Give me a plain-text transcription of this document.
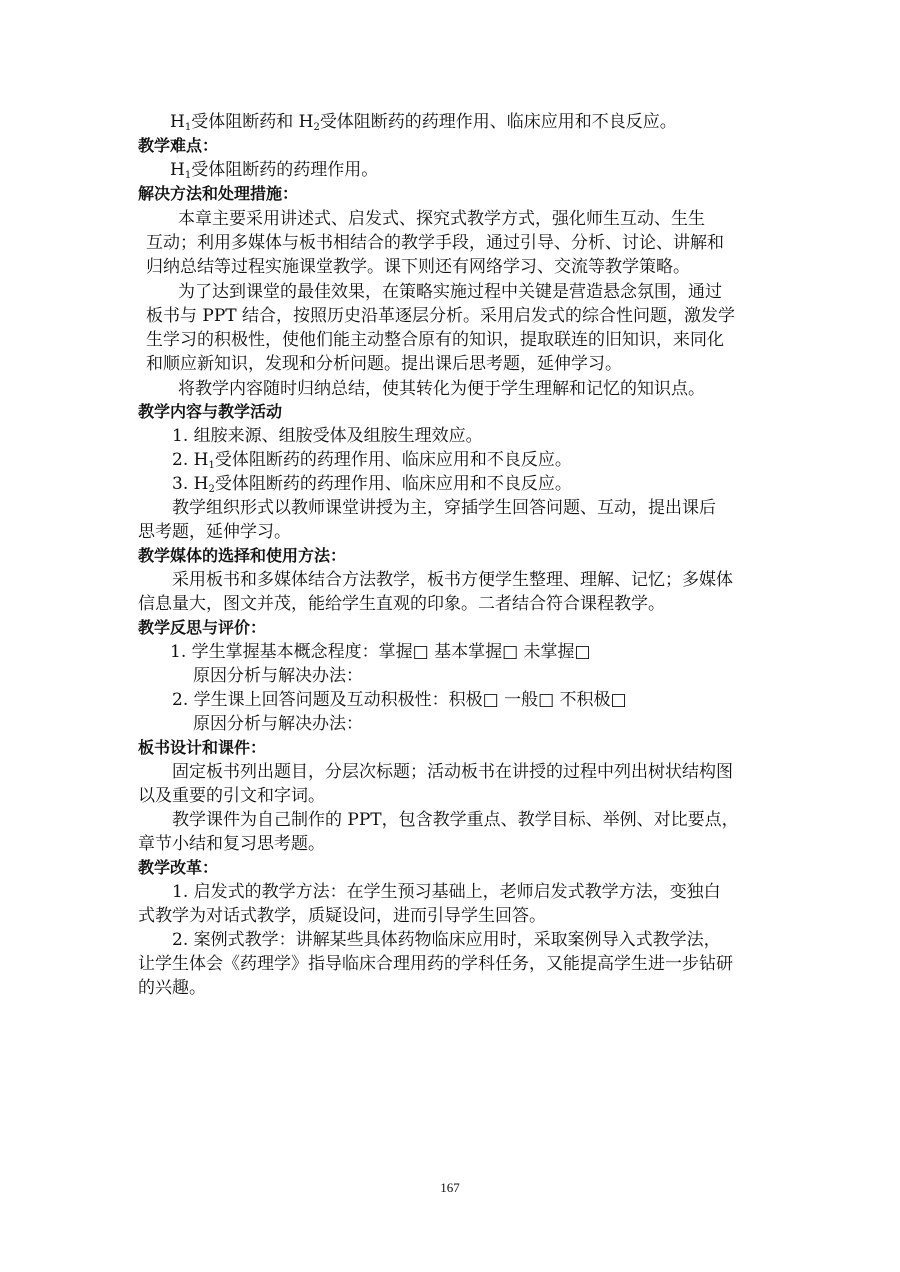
$H_1$受体阻断药和 $H_2$受体阻断药的药理作用、临床应用和不良反应。
教学难点：
$H_1$受体阻断药的药理作用。
解决方法和处理措施：
本章主要采用讲述式、启发式、探究式教学方式，强化师生互动、生生
互动；利用多媒体与板书相结合的教学手段，通过引导、分析、讨论、讲解和
归纳总结等过程实施课堂教学。课下则还有网络学习、交流等教学策略。
为了达到课堂的最佳效果，在策略实施过程中关键是营造悬念氛围，通过
板书与 PPT 结合，按照历史沿革逐层分析。采用启发式的综合性问题，激发学
生学习的积极性，使他们能主动整合原有的知识，提取联连的旧知识，来同化
和顺应新知识，发现和分析问题。提出课后思考题，延伸学习。
将教学内容随时归纳总结，使其转化为便于学生理解和记忆的知识点。
教学内容与教学活动
1. 组胺来源、组胺受体及组胺生理效应。
2. $H_1$受体阻断药的药理作用、临床应用和不良反应。
3. $H_2$受体阻断药的药理作用、临床应用和不良反应。
教学组织形式以教师课堂讲授为主，穿插学生回答问题、互动，提出课后
思考题，延伸学习。
教学媒体的选择和使用方法：
采用板书和多媒体结合方法教学，板书方便学生整理、理解、记忆；多媒体
信息量大，图文并茂，能给学生直观的印象。二者结合符合课程教学。
教学反思与评价：
1. 学生掌握基本概念程度：掌握□ 基本掌握□ 未掌握□
原因分析与解决办法：
2. 学生课上回答问题及互动积极性：积极□ 一般□ 不积极□
原因分析与解决办法：
板书设计和课件：
固定板书列出题目，分层次标题；活动板书在讲授的过程中列出树状结构图
以及重要的引文和字词。
教学课件为自己制作的 PPT，包含教学重点、教学目标、举例、对比要点，
章节小结和复习思考题。
教学改革：
1. 启发式的教学方法：在学生预习基础上，老师启发式教学方法，变独白
式教学为对话式教学，质疑设问，进而引导学生回答。
2. 案例式教学：讲解某些具体药物临床应用时，采取案例导入式教学法，
让学生体会《药理学》指导临床合理用药的学科任务，又能提高学生进一步钻研
的兴趣。
167
